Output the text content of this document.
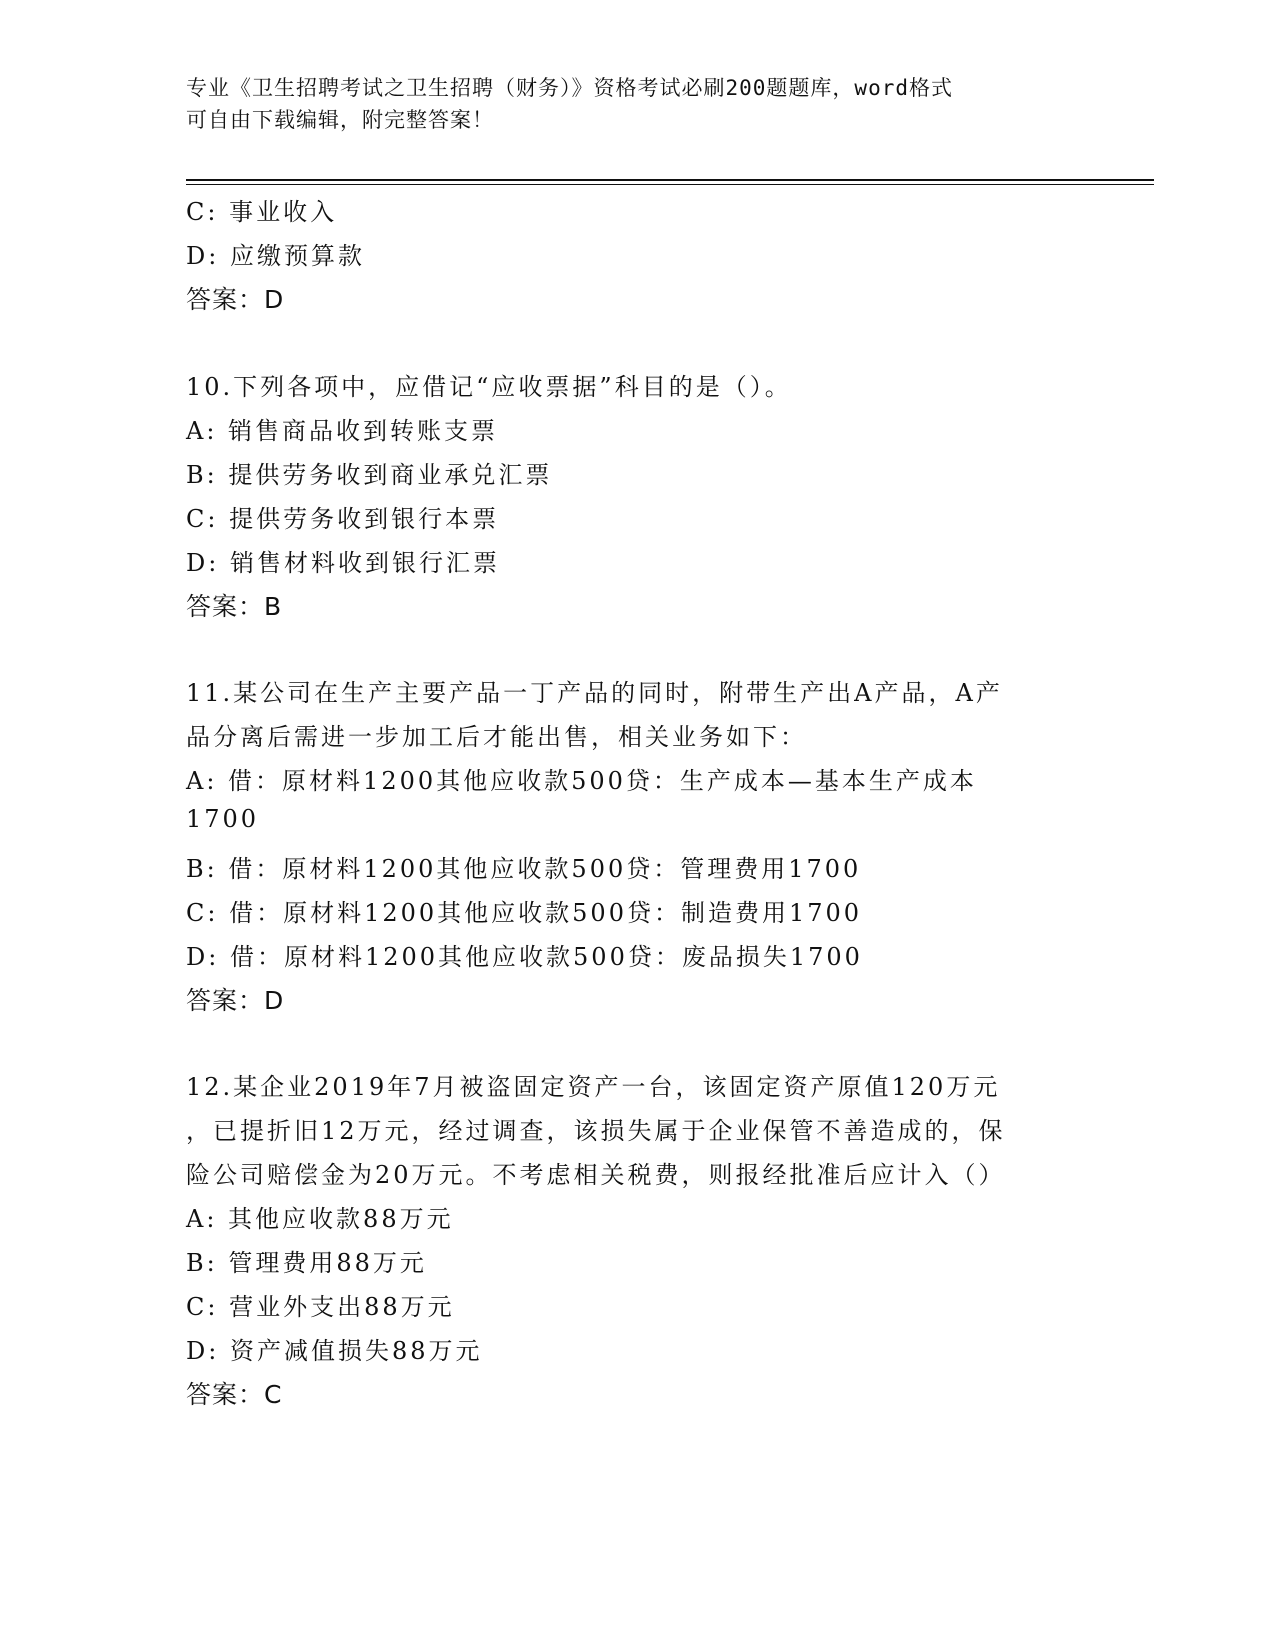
专业《卫生招聘考试之卫生招聘（财务）》资格考试必刷200题题库，word格式
可自由下载编辑，附完整答案！
C: 事业收入
D: 应缴预算款
答案：D
10.下列各项中，应借记“应收票据”科目的是（）。
A: 销售商品收到转账支票
B: 提供劳务收到商业承兑汇票
C: 提供劳务收到银行本票
D: 销售材料收到银行汇票
答案：B
11.某公司在生产主要产品一丁产品的同时，附带生产出A产品，A产
品分离后需进一步加工后才能出售，相关业务如下：
A: 借：原材料1200其他应收款500贷：生产成本—基本生产成本
1700
B: 借：原材料1200其他应收款500贷：管理费用1700
C: 借：原材料1200其他应收款500贷：制造费用1700
D: 借：原材料1200其他应收款500贷：废品损失1700
答案：D
12.某企业2019年7月被盗固定资产一台，该固定资产原值120万元
，已提折旧12万元，经过调查，该损失属于企业保管不善造成的，保
险公司赔偿金为20万元。不考虑相关税费，则报经批准后应计入（）
A: 其他应收款88万元
B: 管理费用88万元
C: 营业外支出88万元
D: 资产减值损失88万元
答案：C
